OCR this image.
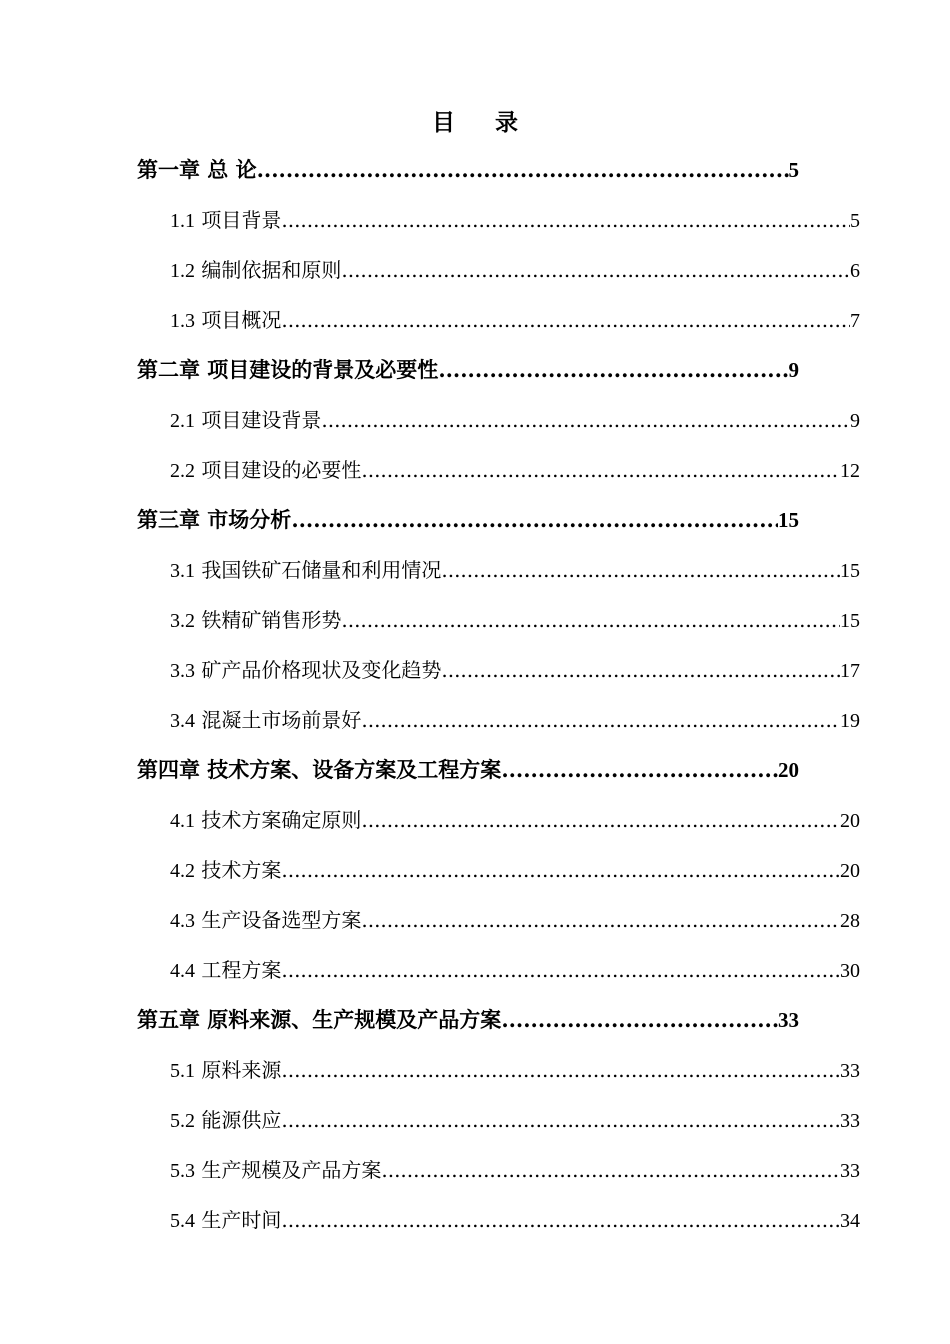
目 录
第一章 总 论 .....	5
1.1 项目背景 .....	5
1.2 编制依据和原则 .....	6
1.3 项目概况 .....	7
第二章 项目建设的背景及必要性 .....	9
2.1 项目建设背景 .....	9
2.2 项目建设的必要性 .....	12
第三章 市场分析 .....	15
3.1 我国铁矿石储量和利用情况 .....	15
3.2 铁精矿销售形势 .....	15
3.3 矿产品价格现状及变化趋势 .....	17
3.4 混凝土市场前景好 .....	19
第四章 技术方案、设备方案及工程方案 .....	20
4.1 技术方案确定原则 .....	20
4.2 技术方案 .....	20
4.3 生产设备选型方案 .....	28
4.4 工程方案 .....	30
第五章 原料来源、生产规模及产品方案 .....	33
5.1 原料来源 .....	33
5.2 能源供应 .....	33
5.3 生产规模及产品方案 .....	33
5.4 生产时间 .....	34
